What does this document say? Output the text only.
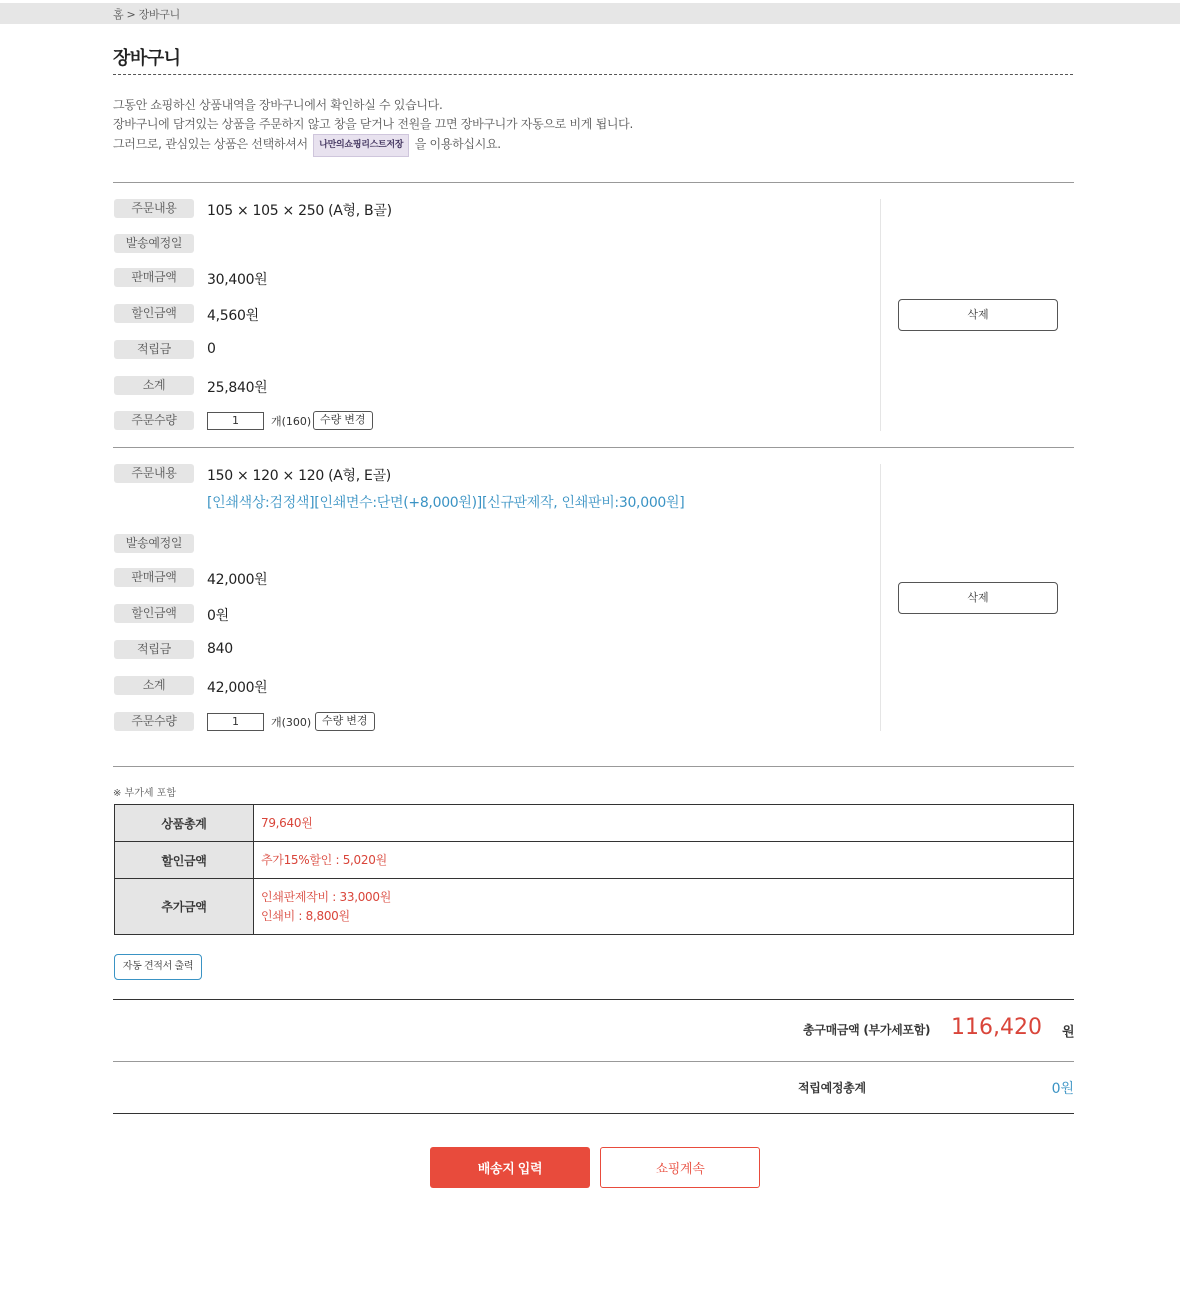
홈 > 장바구니
장바구니
그동안 쇼핑하신 상품내역을 장바구니에서 확인하실 수 있습니다.
장바구니에 담겨있는 상품을 주문하지 않고 창을 닫거나 전원을 끄면 장바구니가 자동으로 비게 됩니다.
그러므로, 관심있는 상품은 선택하셔서 나만의쇼핑리스트저장 을 이용하십시요.
주문내용	105 × 105 × 250 (A형, B골)
발송예정일
판매금액	30,400원
할인금액	4,560원
적립금	0
소계	25,840원
주문수량	1	개(160) 수량 변경
삭제
주문내용	150 × 120 × 120 (A형, E골)
[인쇄색상:검정색][인쇄면수:단면(+8,000원)][신규판제작, 인쇄판비:30,000원]
발송예정일
판매금액	42,000원
할인금액	0원
적립금	840
소계	42,000원
주문수량	1	개(300) 수량 변경
삭제
※ 부가세 포함
상품총계	79,640원
할인금액	추가15%할인 : 5,020원
추가금액	인쇄판제작비 : 33,000원
인쇄비 : 8,800원
자동 견적서 출력
총구매금액 (부가세포함) 116,420 원
적립예정총계	0원
배송지 입력	쇼핑계속
